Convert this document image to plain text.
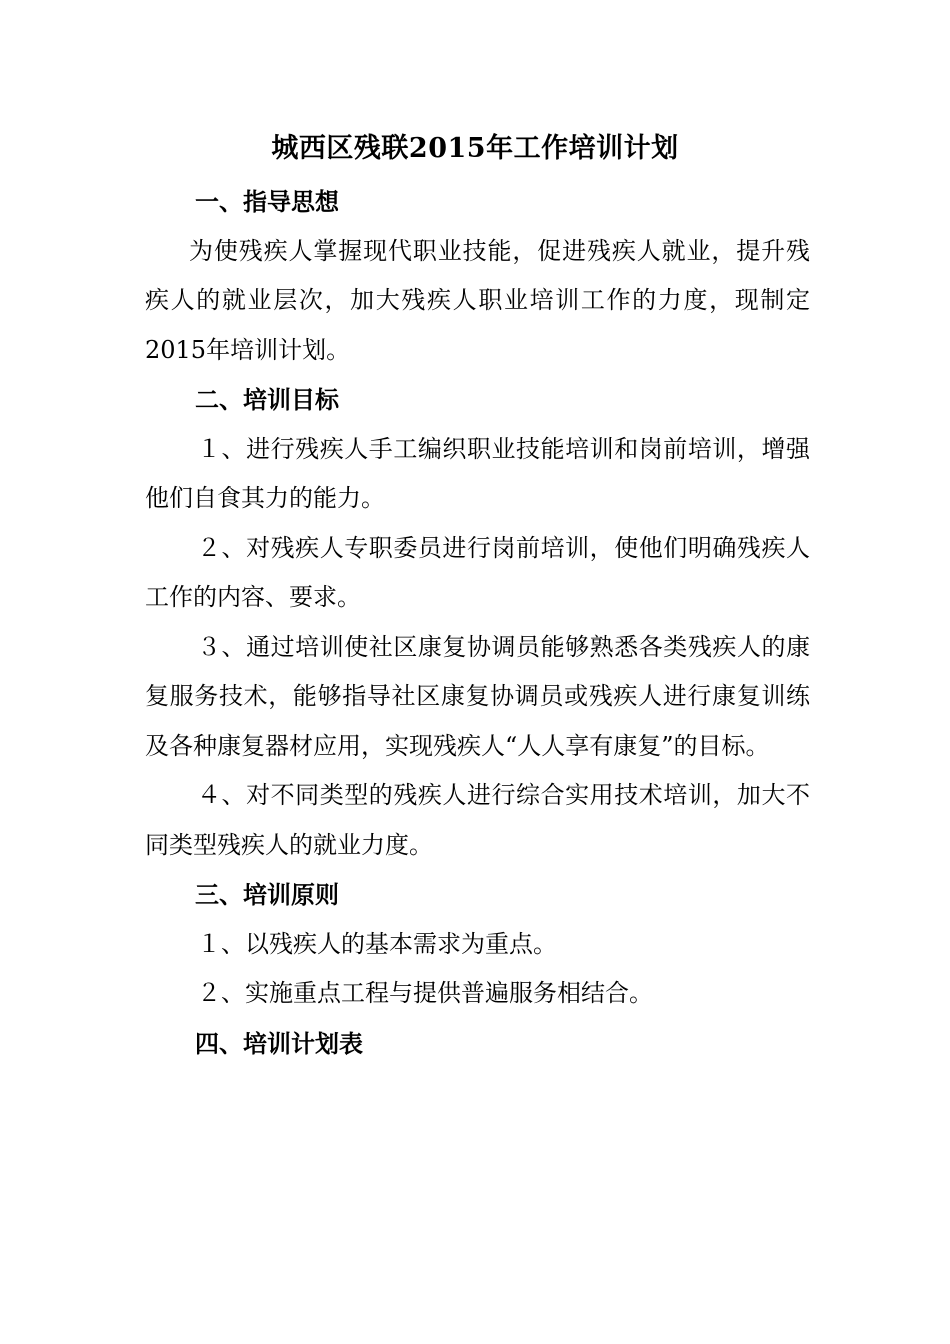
城西区残联2015年工作培训计划

一、指导思想

为使残疾人掌握现代职业技能，促进残疾人就业，提升残疾人的就业层次，加大残疾人职业培训工作的力度，现制定2015年培训计划。

二、培训目标

１、进行残疾人手工编织职业技能培训和岗前培训，增强他们自食其力的能力。

２、对残疾人专职委员进行岗前培训，使他们明确残疾人工作的内容、要求。

３、通过培训使社区康复协调员能够熟悉各类残疾人的康复服务技术，能够指导社区康复协调员或残疾人进行康复训练及各种康复器材应用，实现残疾人“人人享有康复”的目标。

４、对不同类型的残疾人进行综合实用技术培训，加大不同类型残疾人的就业力度。

三、培训原则

１、以残疾人的基本需求为重点。

２、实施重点工程与提供普遍服务相结合。

四、培训计划表
